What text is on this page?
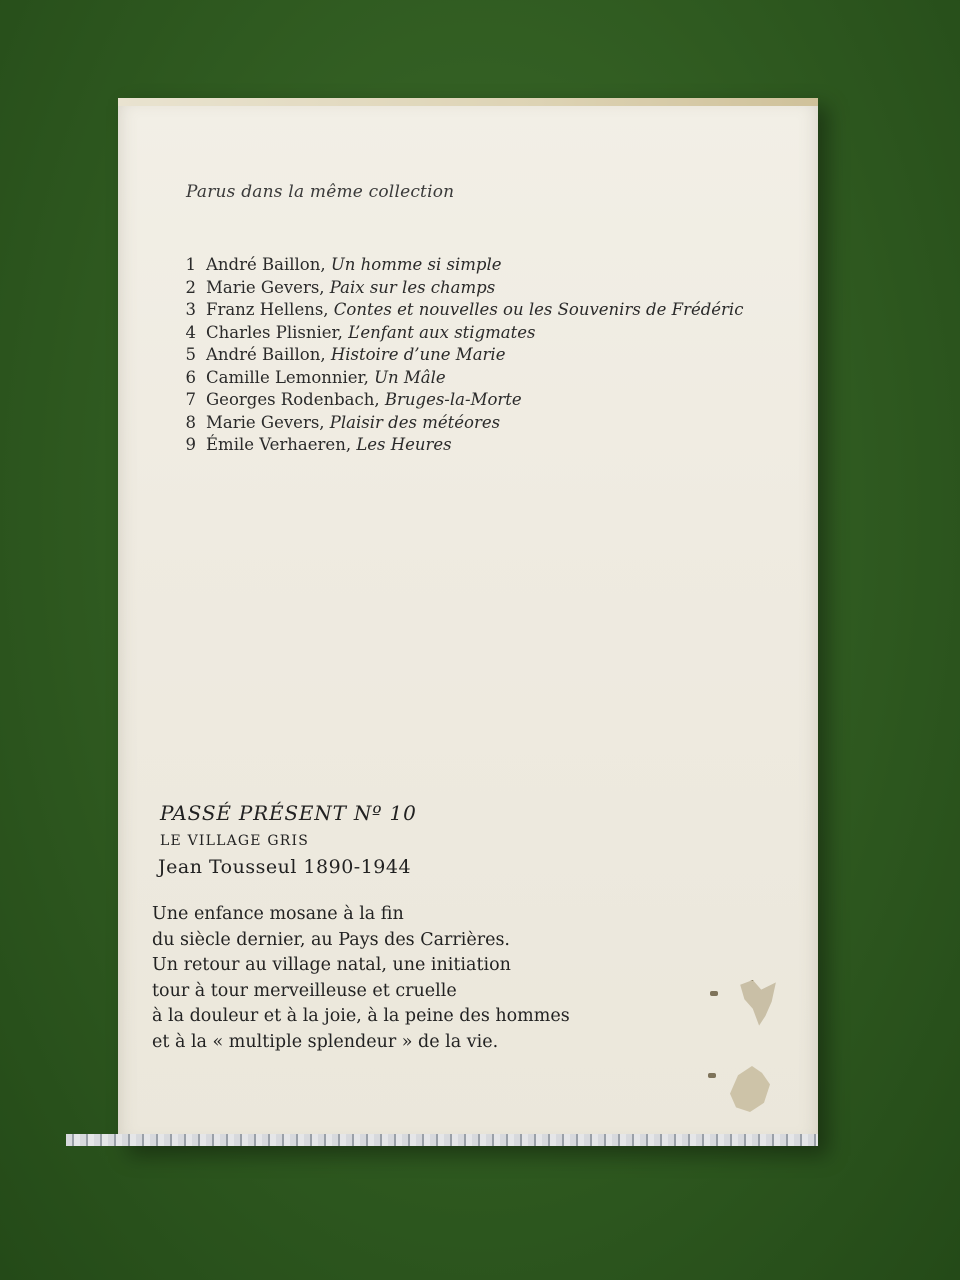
Parus dans la même collection
1 André Baillon, Un homme si simple
2 Marie Gevers, Paix sur les champs
3 Franz Hellens, Contes et nouvelles ou les Souvenirs de Frédéric
4 Charles Plisnier, L’enfant aux stigmates
5 André Baillon, Histoire d’une Marie
6 Camille Lemonnier, Un Mâle
7 Georges Rodenbach, Bruges-la-Morte
8 Marie Gevers, Plaisir des météores
9 Émile Verhaeren, Les Heures
PASSÉ PRÉSENT Nº 10
LE VILLAGE GRIS
Jean Tousseul 1890-1944
Une enfance mosane à la fin
du siècle dernier, au Pays des Carrières.
Un retour au village natal, une initiation
tour à tour merveilleuse et cruelle
à la douleur et à la joie, à la peine des hommes
et à la « multiple splendeur » de la vie.
